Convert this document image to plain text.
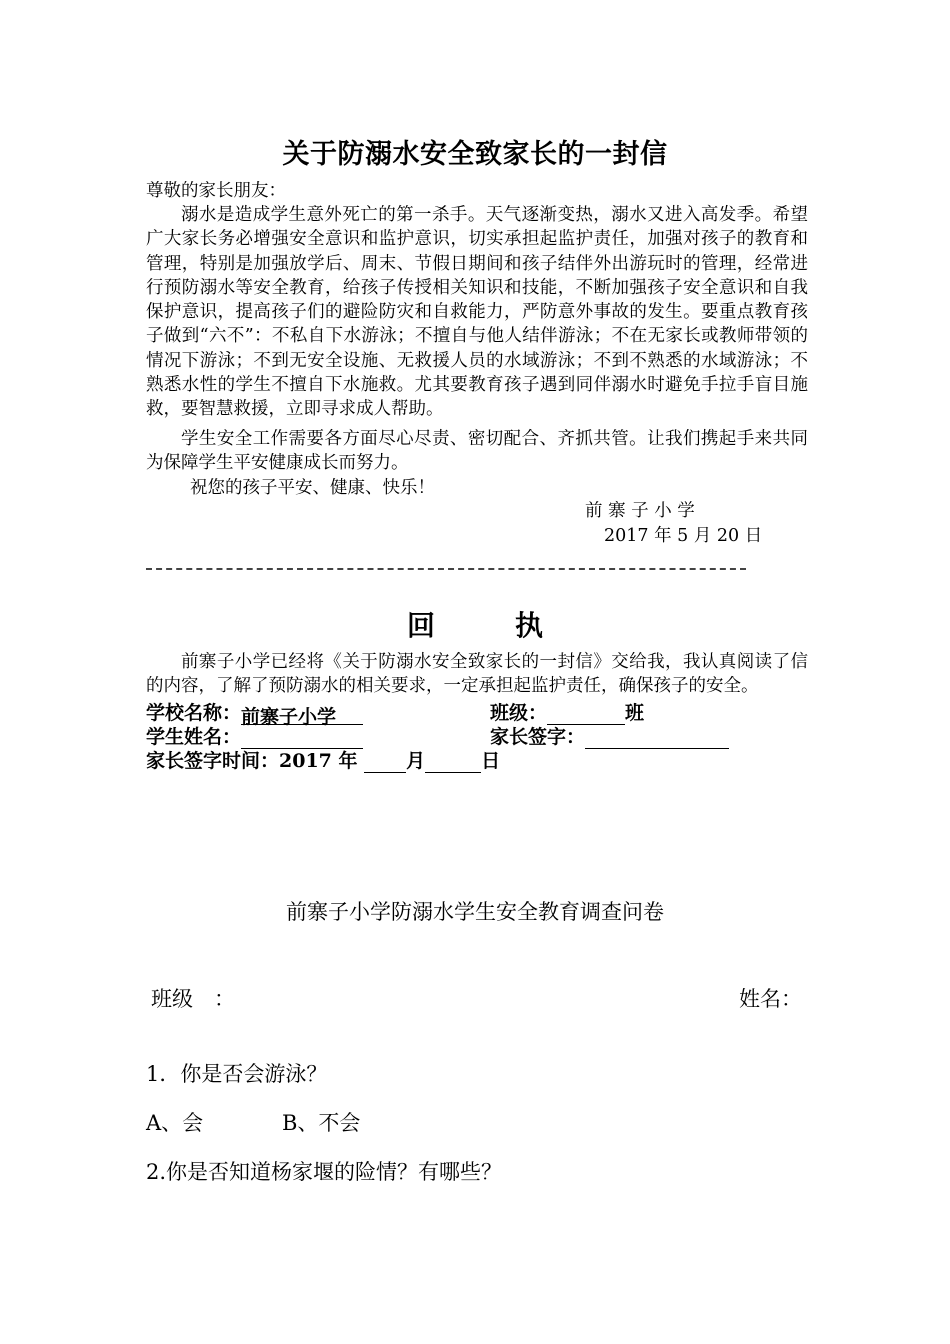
关于防溺水安全致家长的一封信
尊敬的家长朋友：
溺水是造成学生意外死亡的第一杀手。天气逐渐变热，溺水又进入高发季。希望广大家长务必增强安全意识和监护意识，切实承担起监护责任，加强对孩子的教育和管理，特别是加强放学后、周末、节假日期间和孩子结伴外出游玩时的管理，经常进行预防溺水等安全教育，给孩子传授相关知识和技能，不断加强孩子安全意识和自我保护意识，提高孩子们的避险防灾和自救能力，严防意外事故的发生。要重点教育孩子做到“六不”：不私自下水游泳；不擅自与他人结伴游泳；不在无家长或教师带领的情况下游泳；不到无安全设施、无救援人员的水域游泳；不到不熟悉的水域游泳；不熟悉水性的学生不擅自下水施救。尤其要教育孩子遇到同伴溺水时避免手拉手盲目施救，要智慧救援，立即寻求成人帮助。
学生安全工作需要各方面尽心尽责、密切配合、齐抓共管。让我们携起手来共同为保障学生平安健康成长而努力。
祝您的孩子平安、健康、快乐！
前 寨 子 小 学
2017 年 5 月 20 日
回执
前寨子小学已经将《关于防溺水安全致家长的一封信》交给我，我认真阅读了信的内容，了解了预防溺水的相关要求，一定承担起监护责任，确保孩子的安全。
学校名称：前寨子小学	班级：	班
学生姓名：	家长签字：
家长签字时间：2017 年	月	日
前寨子小学防溺水学生安全教育调查问卷
班级　：	姓名：
1．你是否会游泳？
A、会	B、不会
2.你是否知道杨家堰的险情？有哪些？
